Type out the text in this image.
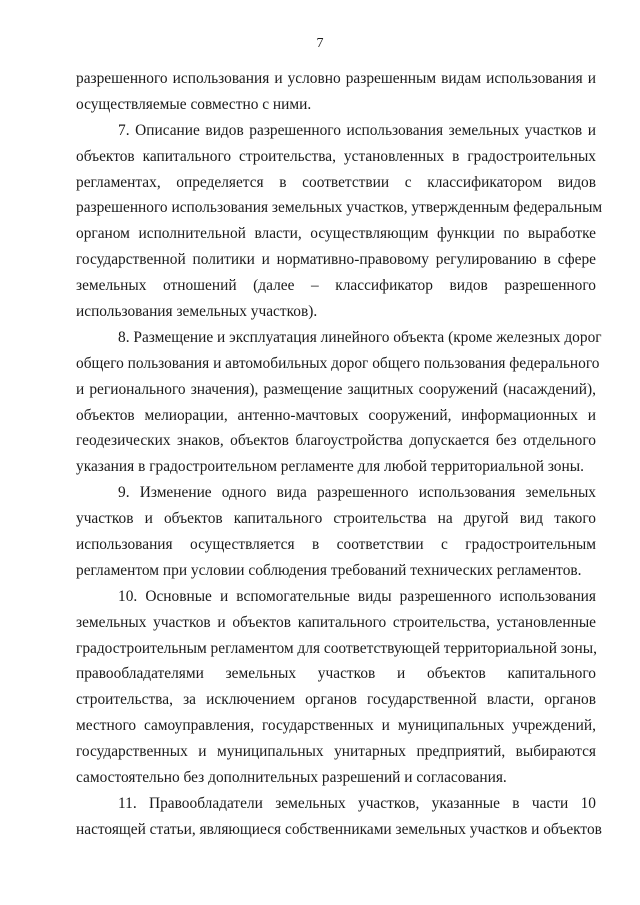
7
разрешенного использования и условно разрешенным видам использования и
осуществляемые совместно с ними.
7. Описание видов разрешенного использования земельных участков и
объектов капитального строительства, установленных в градостроительных
регламентах, определяется в соответствии с классификатором видов
разрешенного использования земельных участков, утвержденным федеральным
органом исполнительной власти, осуществляющим функции по выработке
государственной политики и нормативно-правовому регулированию в сфере
земельных отношений (далее – классификатор видов разрешенного
использования земельных участков).
8. Размещение и эксплуатация линейного объекта (кроме железных дорог
общего пользования и автомобильных дорог общего пользования федерального
и регионального значения), размещение защитных сооружений (насаждений),
объектов мелиорации, антенно-мачтовых сооружений, информационных и
геодезических знаков, объектов благоустройства допускается без отдельного
указания в градостроительном регламенте для любой территориальной зоны.
9. Изменение одного вида разрешенного использования земельных
участков и объектов капитального строительства на другой вид такого
использования осуществляется в соответствии с градостроительным
регламентом при условии соблюдения требований технических регламентов.
10. Основные и вспомогательные виды разрешенного использования
земельных участков и объектов капитального строительства, установленные
градостроительным регламентом для соответствующей территориальной зоны,
правообладателями земельных участков и объектов капитального
строительства, за исключением органов государственной власти, органов
местного самоуправления, государственных и муниципальных учреждений,
государственных и муниципальных унитарных предприятий, выбираются
самостоятельно без дополнительных разрешений и согласования.
11. Правообладатели земельных участков, указанные в части 10
настоящей статьи, являющиеся собственниками земельных участков и объектов
